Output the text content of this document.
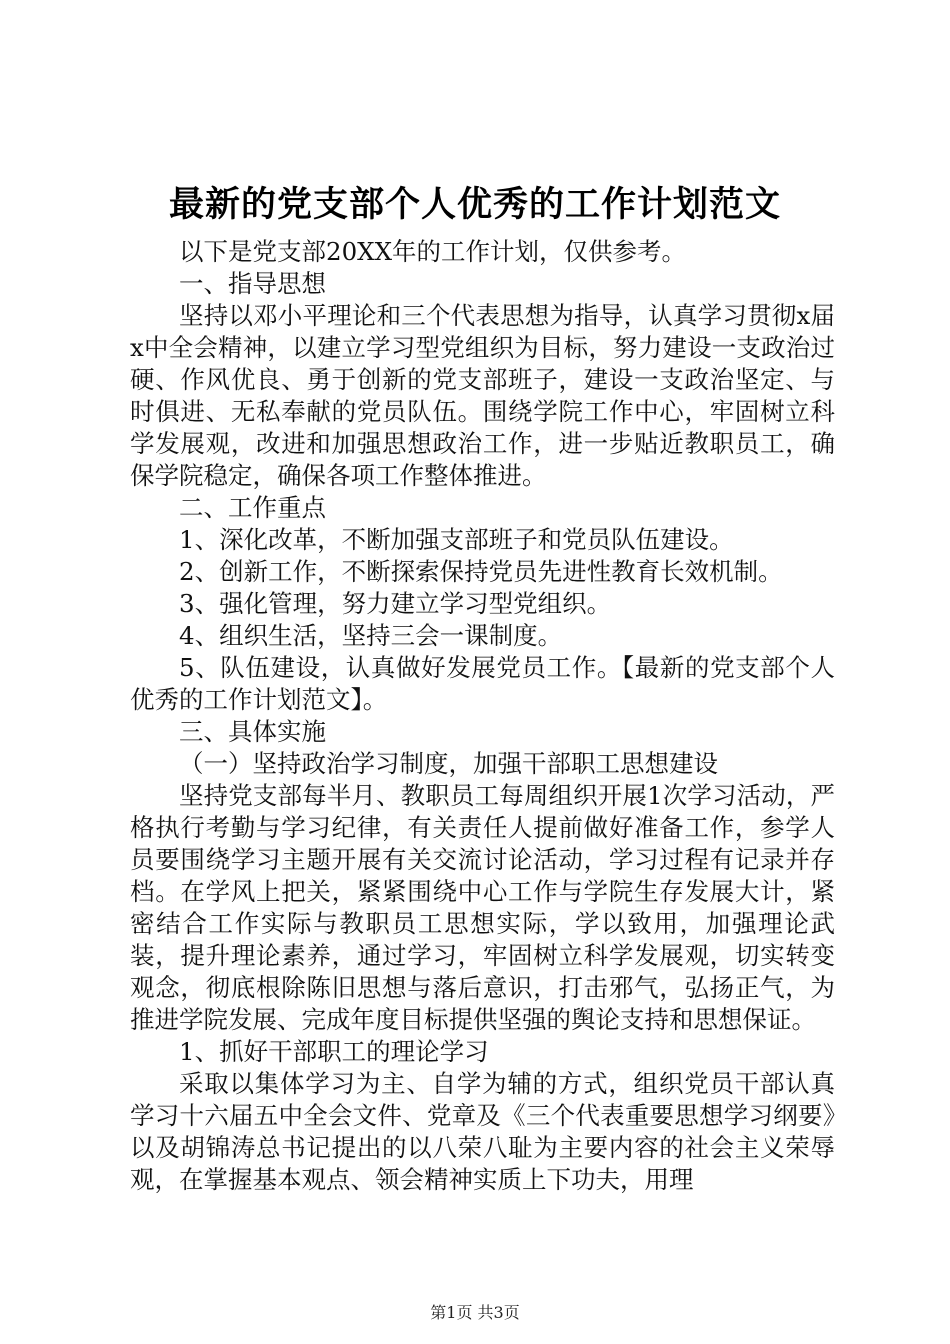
最新的党支部个人优秀的工作计划范文

以下是党支部20XX年的工作计划，仅供参考。

一、指导思想

坚持以邓小平理论和三个代表思想为指导，认真学习贯彻x届x中全会精神，以建立学习型党组织为目标，努力建设一支政治过硬、作风优良、勇于创新的党支部班子，建设一支政治坚定、与时俱进、无私奉献的党员队伍。围绕学院工作中心，牢固树立科学发展观，改进和加强思想政治工作，进一步贴近教职员工，确保学院稳定，确保各项工作整体推进。

二、工作重点

1、深化改革，不断加强支部班子和党员队伍建设。

2、创新工作，不断探索保持党员先进性教育长效机制。

3、强化管理，努力建立学习型党组织。

4、组织生活，坚持三会一课制度。

5、队伍建设，认真做好发展党员工作。【最新的党支部个人优秀的工作计划范文】。

三、具体实施

（一）坚持政治学习制度，加强干部职工思想建设

坚持党支部每半月、教职员工每周组织开展1次学习活动，严格执行考勤与学习纪律，有关责任人提前做好准备工作，参学人员要围绕学习主题开展有关交流讨论活动，学习过程有记录并存档。在学风上把关，紧紧围绕中心工作与学院生存发展大计，紧密结合工作实际与教职员工思想实际，学以致用，加强理论武装，提升理论素养，通过学习，牢固树立科学发展观，切实转变观念，彻底根除陈旧思想与落后意识，打击邪气，弘扬正气，为推进学院发展、完成年度目标提供坚强的舆论支持和思想保证。

1、抓好干部职工的理论学习

采取以集体学习为主、自学为辅的方式，组织党员干部认真学习十六届五中全会文件、党章及《三个代表重要思想学习纲要》以及胡锦涛总书记提出的以八荣八耻为主要内容的社会主义荣辱观，在掌握基本观点、领会精神实质上下功夫，用理

第1页 共3页
